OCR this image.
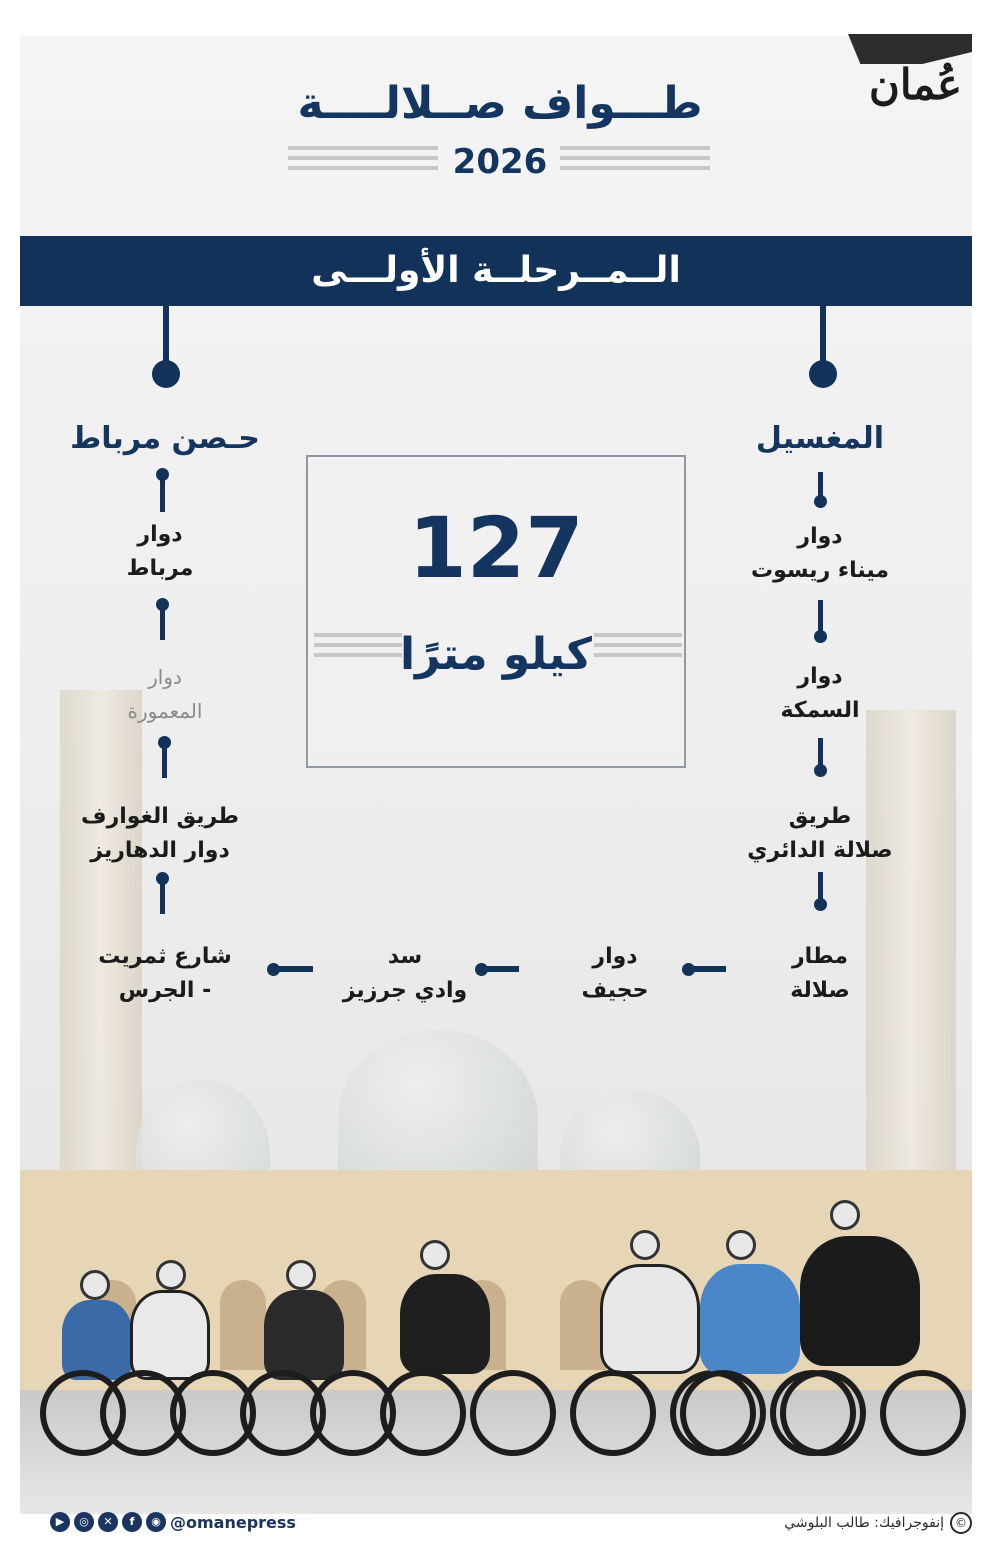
عُمان
طـــواف صــلالــــة
2026
الــمــرحلــة الأولـــى
المغسيل
حـصن مرباط
دوار
ميناء ريسوت
دوار
السمكة
طريق
صلالة الدائري
مطار
صلالة
دوار
حجيف
سد
وادي جرزيز
شارع ثمريت
- الجرس
دوار
مرباط
دوار
المعمورة
طريق الغوارف
دوار الدهاريز
127
كيلو مترًا
▶	◎	✕	f	◉ @omanepress	©
إنفوجرافيك: طالب البلوشي
